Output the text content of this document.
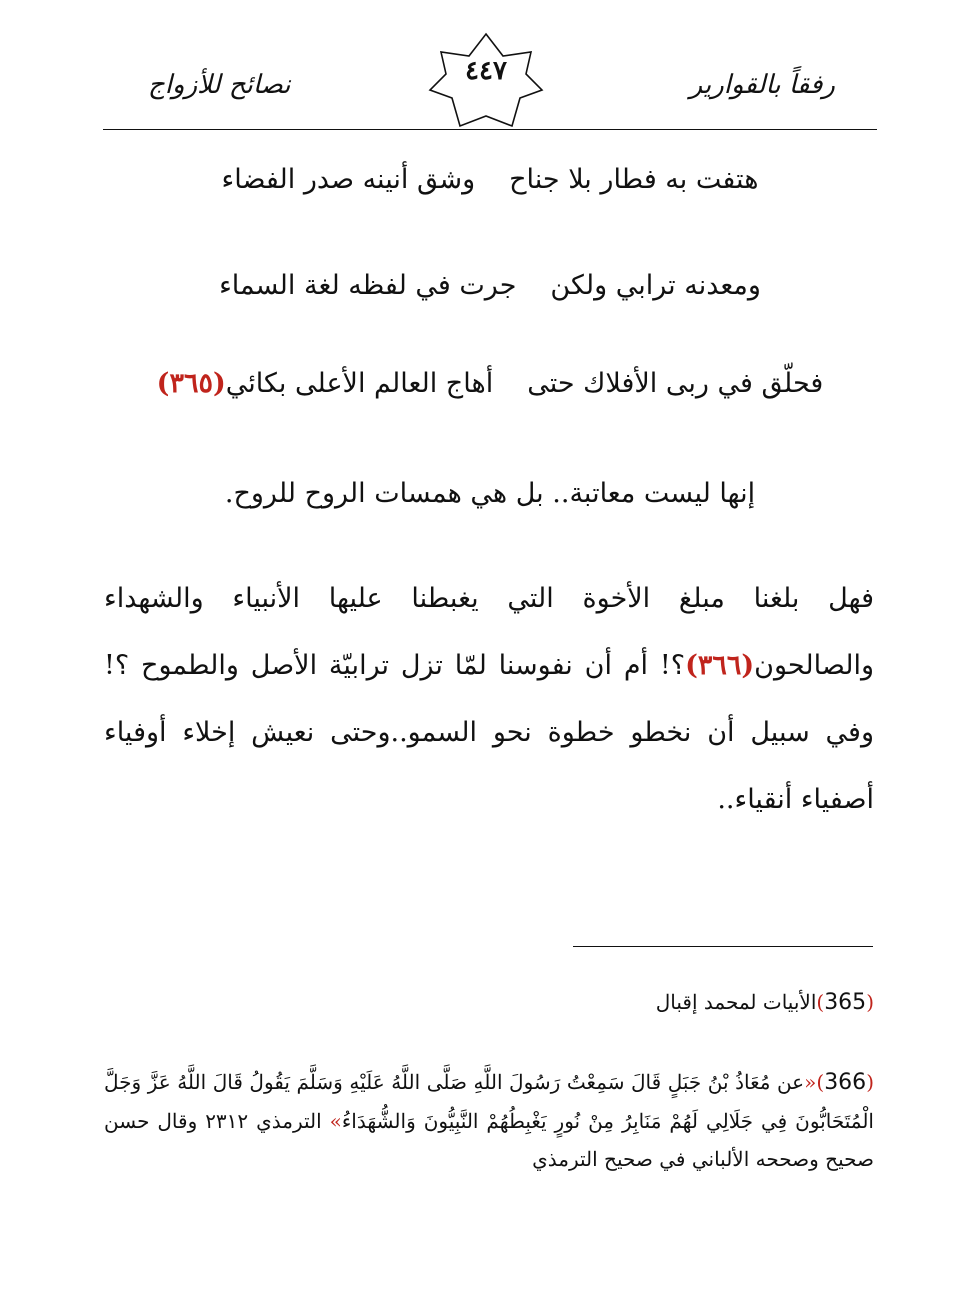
رفقاً بالقوارير
٤٤٧
نصائح للأزواج
هتفت به فطار بلا جناحوشق أنينه صدر الفضاء
ومعدنه ترابي ولكنجرت في لفظه لغة السماء
فحلّق في ربى الأفلاك حتىأهاج العالم الأعلى بكائي(٣٦٥)
إنها ليست معاتبة.. بل هي همسات الروح للروح.
فهل بلغنا مبلغ الأخوة التي يغبطنا عليها الأنبياء والشهداء والصالحون(٣٦٦)؟! أم أن نفوسنا لمّا تزل ترابيّة الأصل والطموح ؟! وفي سبيل أن نخطو خطوة نحو السمو..وحتى نعيش إخلاء أوفياء أصفياء أنقياء..
(365)الأبيات لمحمد إقبال
(366)«عن مُعَاذُ بْنُ جَبَلٍ قَالَ سَمِعْتُ رَسُولَ اللَّهِ صَلَّى اللَّهُ عَلَيْهِ وَسَلَّمَ يَقُولُ قَالَ اللَّهُ عَزَّ وَجَلَّ الْمُتَحَابُّونَ فِي جَلَالِي لَهُمْ مَنَابِرُ مِنْ نُورٍ يَغْبِطُهُمْ النَّبِيُّونَ وَالشُّهَدَاءُ» الترمذي ٢٣١٢ وقال حسن صحيح وصححه الألباني في صحيح الترمذي
